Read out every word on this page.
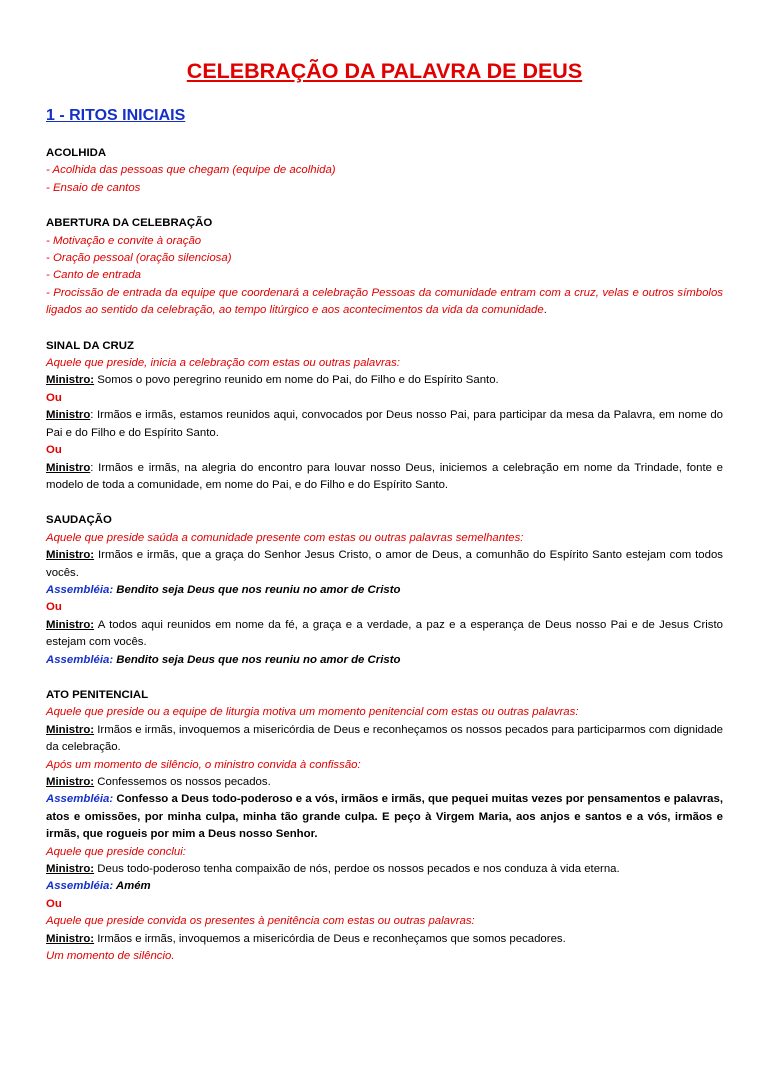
CELEBRAÇÃO DA PALAVRA DE DEUS
1 - RITOS INICIAIS

ACOLHIDA

- Acolhida das pessoas que chegam (equipe de acolhida)

- Ensaio de cantos

ABERTURA DA CELEBRAÇÃO

- Motivação e convite à oração

- Oração pessoal (oração silenciosa)

- Canto de entrada

- Procissão de entrada da equipe que coordenará a celebração Pessoas da comunidade entram com a cruz, velas e outros símbolos ligados ao sentido da celebração, ao tempo litúrgico e aos acontecimentos da vida da comunidade.

SINAL DA CRUZ

Aquele que preside, inicia a celebração com estas ou outras palavras:

Ministro: Somos o povo peregrino reunido em nome do Pai, do Filho e do Espírito Santo.

Ou

Ministro: Irmãos e irmãs, estamos reunidos aqui, convocados por Deus nosso Pai, para participar da mesa da Palavra, em nome do Pai e do Filho e do Espírito Santo.

Ou

Ministro: Irmãos e irmãs, na alegria do encontro para louvar nosso Deus, iniciemos a celebração em nome da Trindade, fonte e modelo de toda a comunidade, em nome do Pai, e do Filho e do Espírito Santo.

SAUDAÇÃO

Aquele que preside saúda a comunidade presente com estas ou outras palavras semelhantes:

Ministro: Irmãos e irmãs, que a graça do Senhor Jesus Cristo, o amor de Deus, a comunhão do Espírito Santo estejam com todos vocês.

Assembléia: Bendito seja Deus que nos reuniu no amor de Cristo

Ou

Ministro: A todos aqui reunidos em nome da fé, a graça e a verdade, a paz e a esperança de Deus nosso Pai e de Jesus Cristo estejam com vocês.

Assembléia: Bendito seja Deus que nos reuniu no amor de Cristo

ATO PENITENCIAL

Aquele que preside ou a equipe de liturgia motiva um momento penitencial com estas ou outras palavras:

Ministro: Irmãos e irmãs, invoquemos a misericórdia de Deus e reconheçamos os nossos pecados para participarmos com dignidade da celebração.

Após um momento de silêncio, o ministro convida à confissão:

Ministro: Confessemos os nossos pecados.

Assembléia: Confesso a Deus todo-poderoso e a vós, irmãos e irmãs, que pequei muitas vezes por pensamentos e palavras, atos e omissões, por minha culpa, minha tão grande culpa. E peço à Virgem Maria, aos anjos e santos e a vós, irmãos e irmãs, que rogueis por mim a Deus nosso Senhor.

Aquele que preside conclui:

Ministro: Deus todo-poderoso tenha compaixão de nós, perdoe os nossos pecados e nos conduza à vida eterna.

Assembléia: Amém

Ou

Aquele que preside convida os presentes à penitência com estas ou outras palavras:

Ministro: Irmãos e irmãs, invoquemos a misericórdia de Deus e reconheçamos que somos pecadores.

Um momento de silêncio.
